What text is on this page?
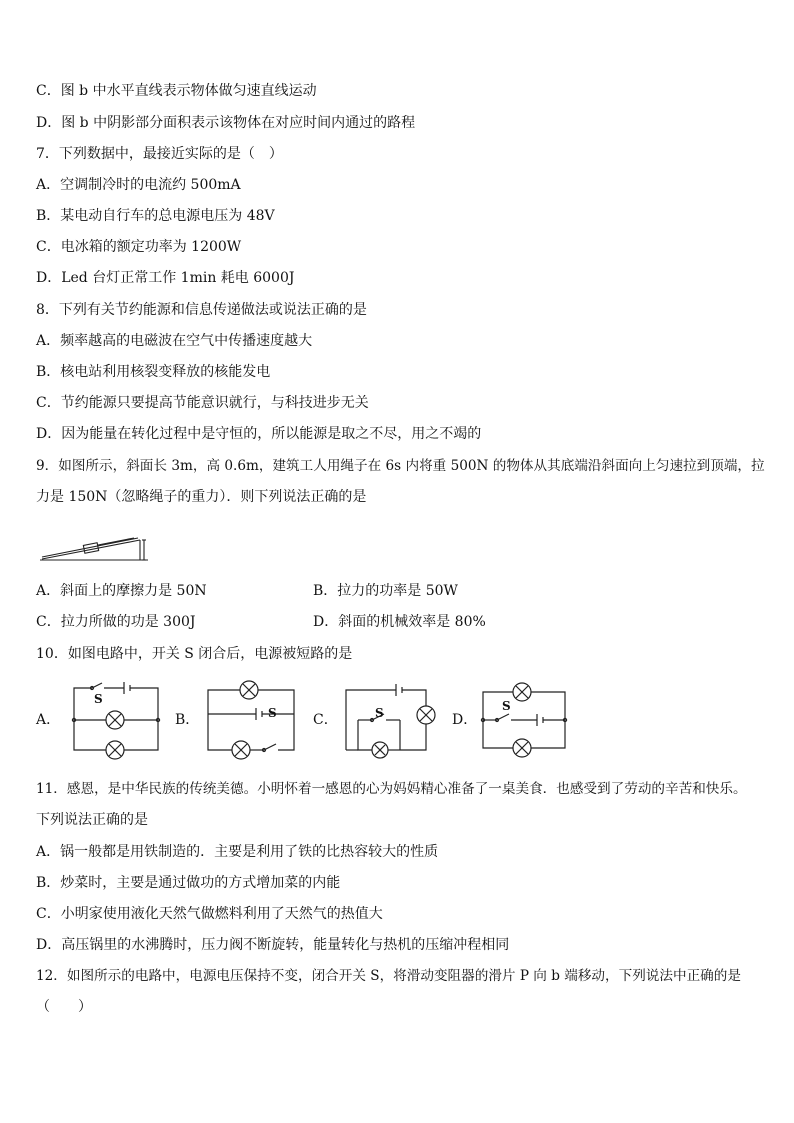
C．图 b 中水平直线表示物体做匀速直线运动
D．图 b 中阴影部分面积表示该物体在对应时间内通过的路程
7．下列数据中，最接近实际的是（　）
A．空调制冷时的电流约 500mA
B．某电动自行车的总电源电压为 48V
C．电冰箱的额定功率为 1200W
D．Led 台灯正常工作 1min 耗电 6000J
8．下列有关节约能源和信息传递做法或说法正确的是
A．频率越高的电磁波在空气中传播速度越大
B．核电站利用核裂变释放的核能发电
C．节约能源只要提高节能意识就行，与科技进步无关
D．因为能量在转化过程中是守恒的，所以能源是取之不尽，用之不竭的
9．如图所示，斜面长 3m，高 0.6m，建筑工人用绳子在 6s 内将重 500N 的物体从其底端沿斜面向上匀速拉到顶端，拉
力是 150N（忽略绳子的重力）．则下列说法正确的是
A．斜面上的摩擦力是 50N	B．拉力的功率是 50W
C．拉力所做的功是 300J	D．斜面的机械效率是 80%
10．如图电路中，开关 S 闭合后，电源被短路的是
A．	B．	C．	D．
S
S	S	S
11．感恩，是中华民族的传统美德。小明怀着一感恩的心为妈妈精心准备了一桌美食．也感受到了劳动的辛苦和快乐。
下列说法正确的是
A．锅一般都是用铁制造的．主要是利用了铁的比热容较大的性质
B．炒菜时，主要是通过做功的方式增加菜的内能
C．小明家使用液化天然气做燃料利用了天然气的热值大
D．高压锅里的水沸腾时，压力阀不断旋转，能量转化与热机的压缩冲程相同
12．如图所示的电路中，电源电压保持不变，闭合开关 S，将滑动变阻器的滑片 P 向 b 端移动，下列说法中正确的是
（　　）
